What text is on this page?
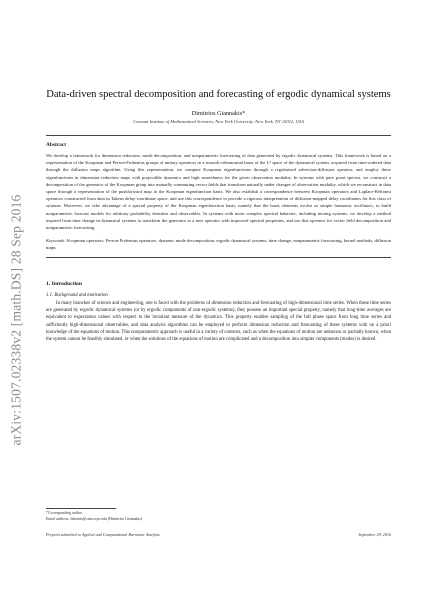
arXiv:1507.02338v2 [math.DS] 28 Sep 2016
Data-driven spectral decomposition and forecasting of ergodic dynamical systems
Dimitrios Giannakis*
Courant Institute of Mathematical Sciences, New York University, New York, NY 10012, USA
Abstract
We develop a framework for dimension reduction, mode decomposition, and nonparametric forecasting of data generated by ergodic dynamical systems. This framework is based on a representation of the Koopman and Perron-Frobenius groups of unitary operators in a smooth orthonormal basis of the L² space of the dynamical system, acquired from time-ordered data through the diffusion maps algorithm. Using this representation, we compute Koopman eigenfunctions through a regularized advection-diffusion operator, and employ these eigenfunctions in dimension reduction maps with projectible dynamics and high smoothness for the given observation modality. In systems with pure point spectra, we construct a decomposition of the generator of the Koopman group into mutually commuting vector fields that transform naturally under changes of observation modality, which we reconstruct in data space through a representation of the pushforward map in the Koopman eigenfunction basis. We also establish a correspondence between Koopman operators and Laplace-Beltrami operators constructed from data in Takens delay-coordinate space, and use this correspondence to provide a rigorous interpretation of diffusion-mapped delay coordinates for this class of systems. Moreover, we take advantage of a special property of the Koopman eigenfunction basis, namely that the basis elements evolve as simple harmonic oscillators, to build nonparametric forecast models for arbitrary probability densities and observables. In systems with more complex spectral behavior, including mixing systems, we develop a method inspired from time change in dynamical systems to transform the generator to a new operator with improved spectral properties, and use that operator for vector field decomposition and nonparametric forecasting.
Keywords: Koopman operators, Perron-Frobenius operators, dynamic mode decomposition, ergodic dynamical systems, time change, nonparametric forecasting, kernel methods, diffusion maps
1. Introduction
1.1. Background and motivation
In many branches of science and engineering, one is faced with the problems of dimension reduction and forecasting of high-dimensional time series. When these time series are generated by ergodic dynamical systems (or by ergodic components of non-ergodic systems), they possess an important special property, namely that long-time averages are equivalent to expectation values with respect to the invariant measure of the dynamics. This property enables sampling of the full phase space from long time series and sufficiently high-dimensional observables, and data analysis algorithms can be employed to perform dimension reduction and forecasting of these systems with no a priori knowledge of the equations of motion. This nonparametric approach is useful in a variety of contexts, such as when the equations of motion are unknown or partially known, when the system cannot be feasibly simulated, or when the solutions of the equations of motion are complicated and a decomposition into simpler components (modes) is desired.
*Corresponding author
Email address: dimitris@cims.nyu.edu (Dimitrios Giannakis)
Preprint submitted to Applied and Computational Harmonic Analysis	September 29, 2016
